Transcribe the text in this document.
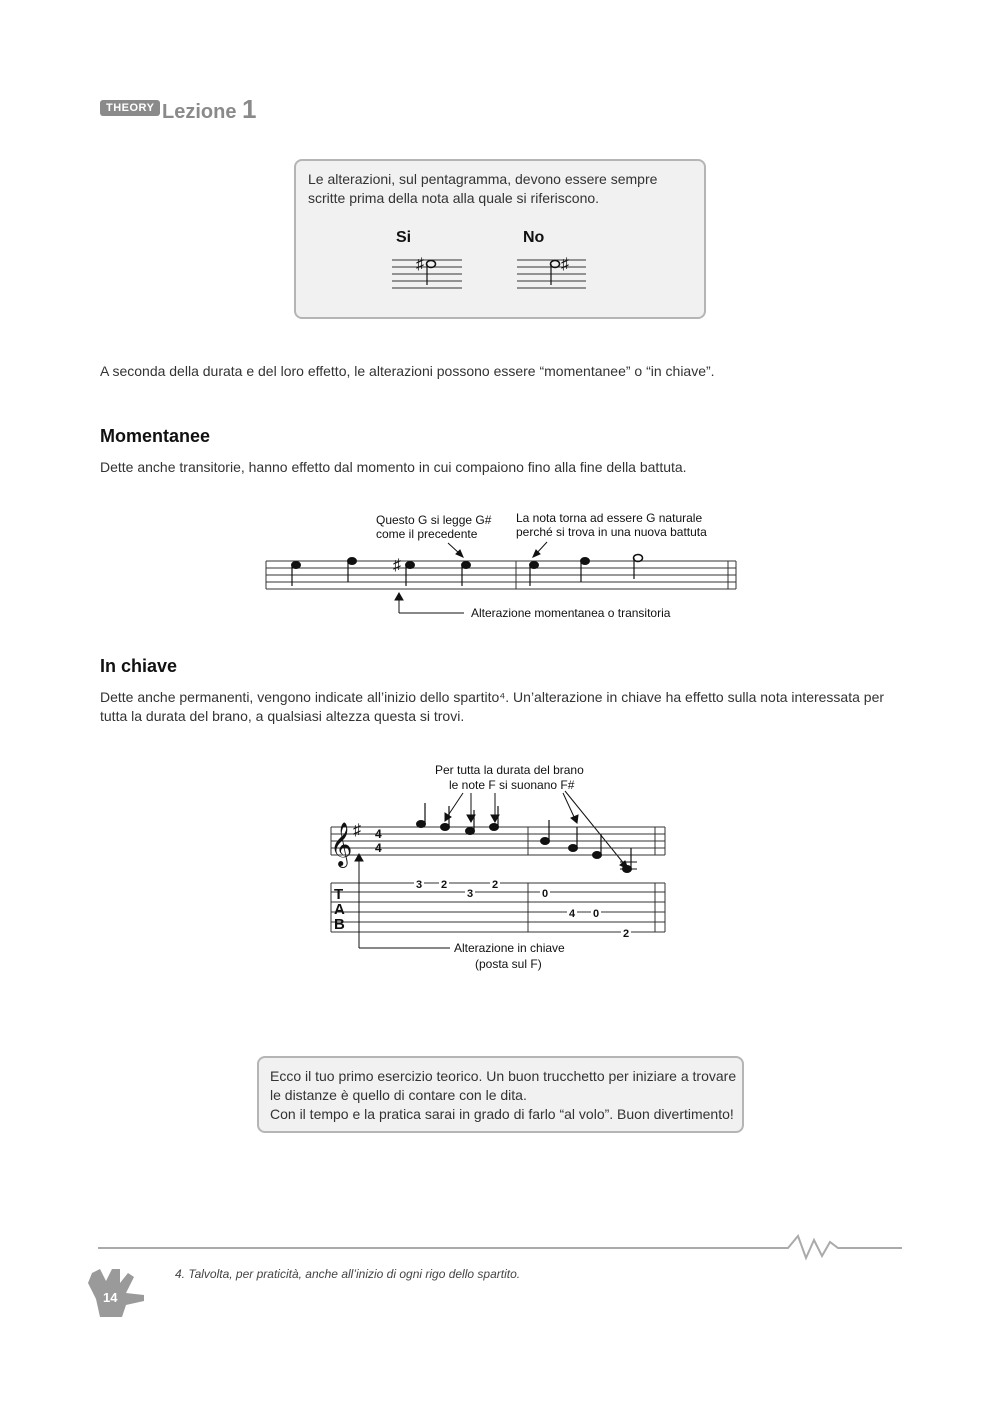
THEORY Lezione 1
Le alterazioni, sul pentagramma, devono essere sempre scritte prima della nota alla quale si riferiscono.
Si	No
♯	♯
A seconda della durata e del loro effetto, le alterazioni possono essere “momentanee” o “in chiave”.
Momentanee
Dette anche transitorie, hanno effetto dal momento in cui compaiono fino alla fine della battuta.
Questo G si legge G#
come il precedente
La nota torna ad essere G naturale
perché si trova in una nuova battuta
♯
Alterazione momentanea o transitoria
In chiave
Dette anche permanenti, vengono indicate all’inizio dello spartito⁴. Un’alterazione in chiave ha effetto sulla nota interessata per tutta la durata del brano, a qualsiasi altezza questa si trovi.
Per tutta la durata del brano
le note F si suonano F#
𝄞 ♯ 4
4
T
A
B
3 2
3
2
0
4 0
2
Alterazione in chiave
(posta sul F)
Ecco il tuo primo esercizio teorico. Un buon trucchetto per iniziare a trovare
le distanze è quello di contare con le dita.
Con il tempo e la pratica sarai in grado di farlo “al volo”. Buon divertimento!
4. Talvolta, per praticità, anche all’inizio di ogni rigo dello spartito.
14
